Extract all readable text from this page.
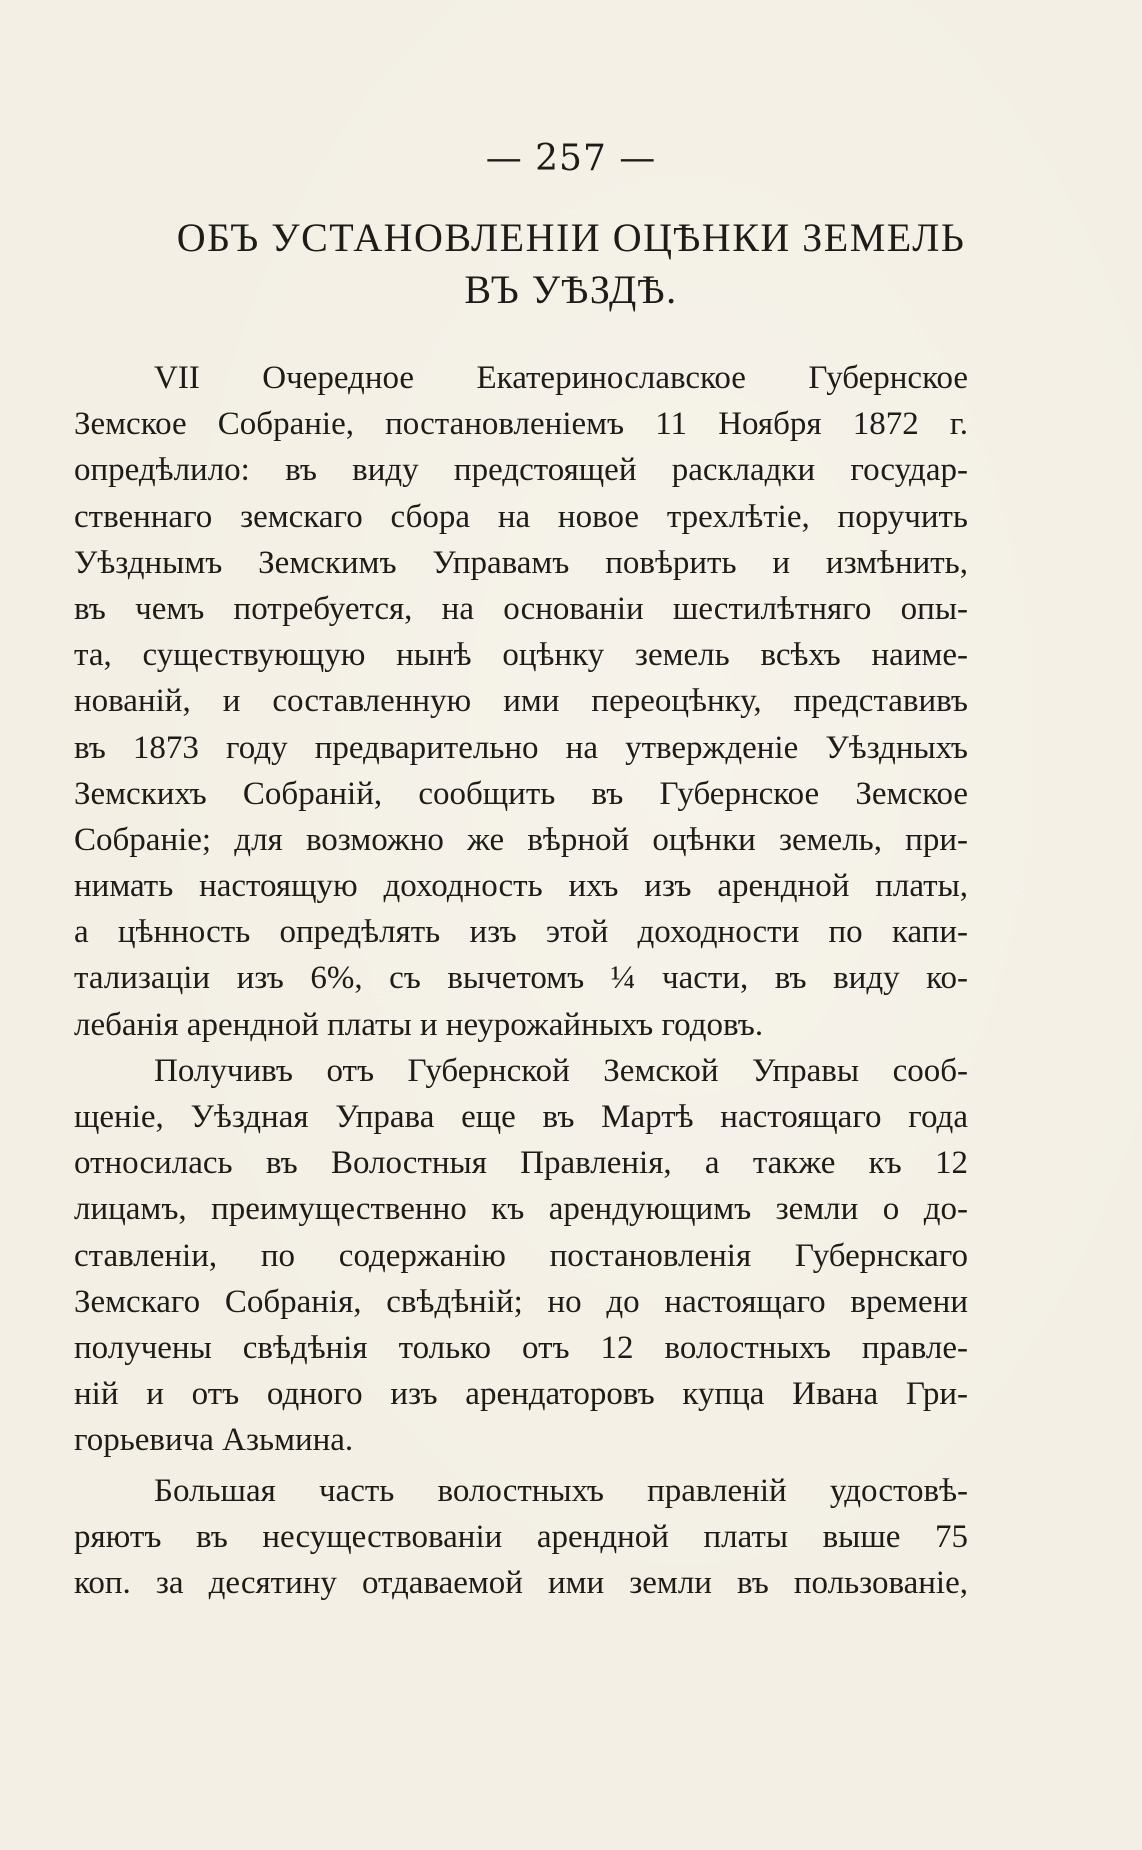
— 257 —
ОБЪ УСТАНОВЛЕНІИ ОЦѢНКИ ЗЕМЕЛЬ
ВЪ УѢЗДѢ.
VII Очередное Екатеринославское Губернское
Земское Собраніе, постановленіемъ 11 Ноября 1872 г.
опредѣлило: въ виду предстоящей раскладки государ-
ственнаго земскаго сбора на новое трехлѣтіе, поручить
Уѣзднымъ Земскимъ Управамъ повѣрить и измѣнить,
въ чемъ потребуется, на основаніи шестилѣтняго опы-
та, существующую нынѣ оцѣнку земель всѣхъ наиме-
нованій, и составленную ими переоцѣнку, представивъ
въ 1873 году предварительно на утвержденіе Уѣздныхъ
Земскихъ Собраній, сообщить въ Губернское Земское
Собраніе; для возможно же вѣрной оцѣнки земель, при-
нимать настоящую доходность ихъ изъ арендной платы,
а цѣнность опредѣлять изъ этой доходности по капи-
тализаціи изъ 6%, съ вычетомъ ¼ части, въ виду ко-
лебанія арендной платы и неурожайныхъ годовъ.
Получивъ отъ Губернской Земской Управы сооб-
щеніе, Уѣздная Управа еще въ Мартѣ настоящаго года
относилась въ Волостныя Правленія, а также къ 12
лицамъ, преимущественно къ арендующимъ земли о до-
ставленіи, по содержанію постановленія Губернскаго
Земскаго Собранія, свѣдѣній; но до настоящаго времени
получены свѣдѣнія только отъ 12 волостныхъ правле-
ній и отъ одного изъ арендаторовъ купца Ивана Гри-
горьевича Азьмина.
Большая часть волостныхъ правленій удостовѣ-
ряютъ въ несуществованіи арендной платы выше 75
коп. за десятину отдаваемой ими земли въ пользованіе,
